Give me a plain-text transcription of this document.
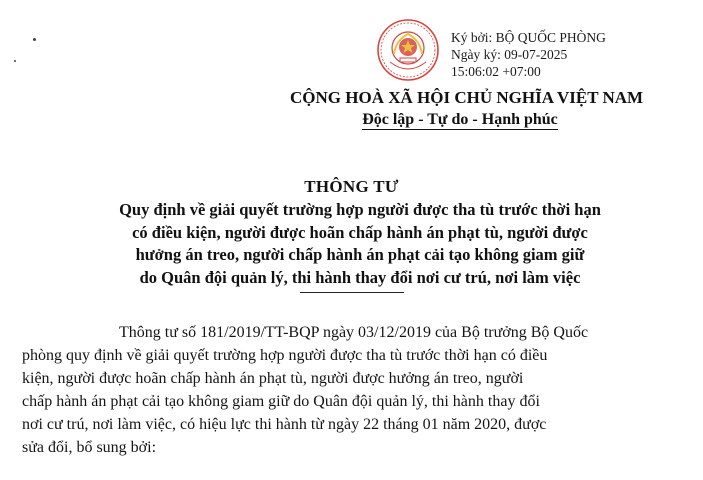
Ký bởi: BỘ QUỐC PHÒNG
Ngày ký: 09-07-2025
15:06:02 +07:00
CỘNG HOÀ XÃ HỘI CHỦ NGHĨA VIỆT NAM
Độc lập - Tự do - Hạnh phúc
THÔNG TƯ
Quy định về giải quyết trường hợp người được tha tù trước thời hạn
có điều kiện, người được hoãn chấp hành án phạt tù, người được
hưởng án treo, người chấp hành án phạt cải tạo không giam giữ
do Quân đội quản lý, thi hành thay đổi nơi cư trú, nơi làm việc
Thông tư số 181/2019/TT-BQP ngày 03/12/2019 của Bộ trưởng Bộ Quốc
phòng quy định về giải quyết trường hợp người được tha tù trước thời hạn có điều
kiện, người được hoãn chấp hành án phạt tù, người được hưởng án treo, người
chấp hành án phạt cải tạo không giam giữ do Quân đội quản lý, thi hành thay đổi
nơi cư trú, nơi làm việc, có hiệu lực thi hành từ ngày 22 tháng 01 năm 2020, được
sửa đổi, bổ sung bởi:
